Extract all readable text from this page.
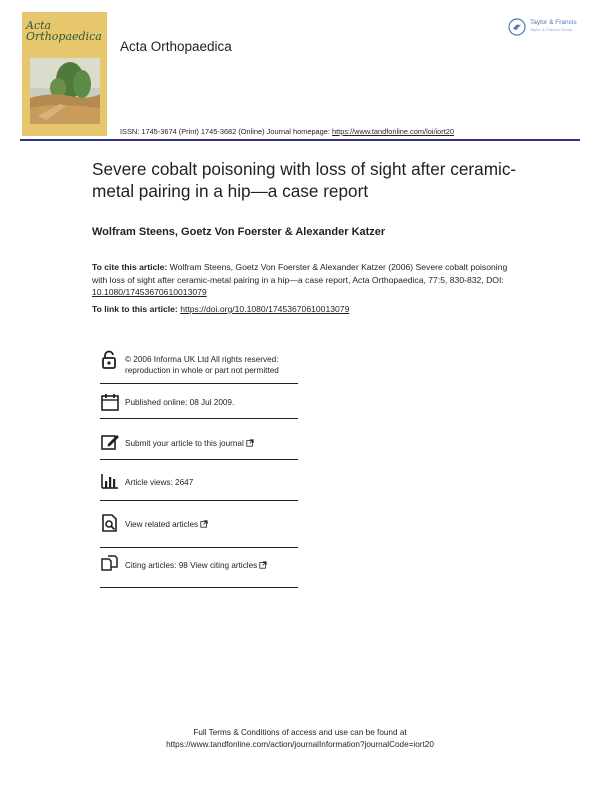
Acta
Orthopaedica
Taylor & Francis
Taylor & Francis Group
Acta Orthopaedica
ISSN: 1745-3674 (Print) 1745-3682 (Online) Journal homepage: https://www.tandfonline.com/loi/iort20
Severe cobalt poisoning with loss of sight after ceramic-metal pairing in a hip—a case report
Wolfram Steens, Goetz Von Foerster & Alexander Katzer
To cite this article: Wolfram Steens, Goetz Von Foerster & Alexander Katzer (2006) Severe cobalt poisoning with loss of sight after ceramic-metal pairing in a hip—a case report, Acta Orthopaedica, 77:5, 830-832, DOI: 10.1080/17453670610013079
To link to this article: https://doi.org/10.1080/17453670610013079
© 2006 Informa UK Ltd All rights reserved:
reproduction in whole or part not permitted
Published online: 08 Jul 2009.
Submit your article to this journal
Article views: 2647
View related articles
Citing articles: 98 View citing articles
Full Terms & Conditions of access and use can be found at
https://www.tandfonline.com/action/journalInformation?journalCode=iort20
